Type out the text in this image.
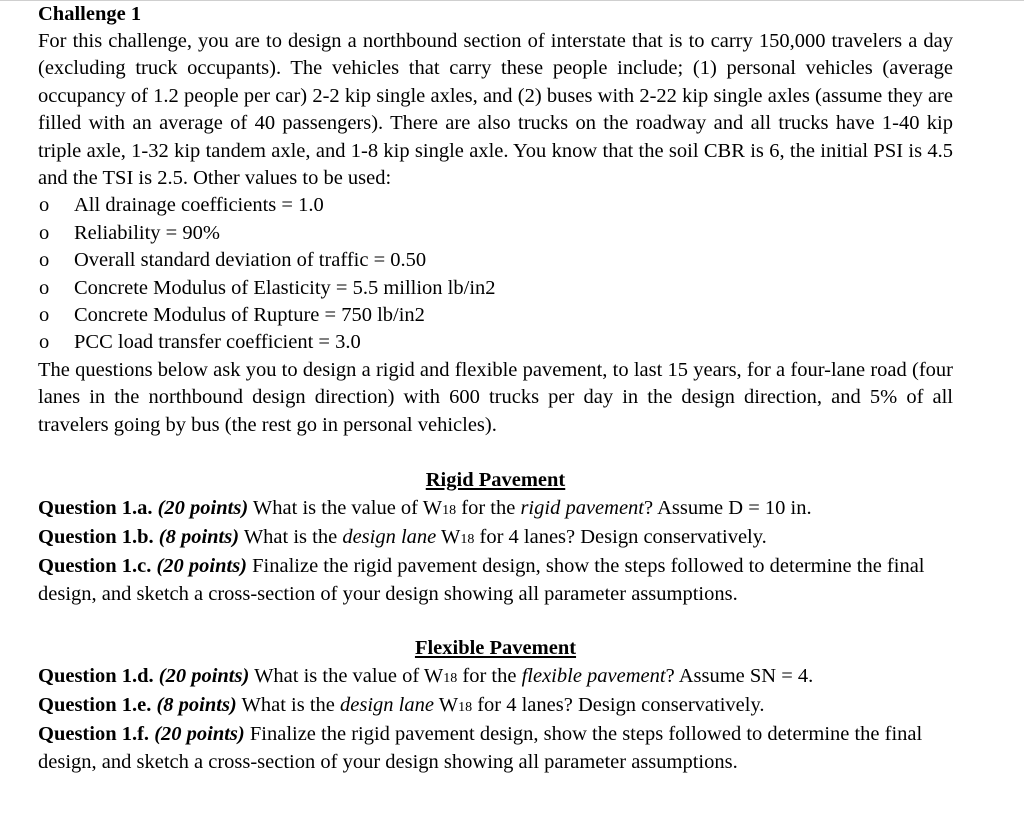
Challenge 1

For this challenge, you are to design a northbound section of interstate that is to carry 150,000 travelers a day (excluding truck occupants). The vehicles that carry these people include; (1) personal vehicles (average occupancy of 1.2 people per car) 2-2 kip single axles, and (2) buses with 2-22 kip single axles (assume they are filled with an average of 40 passengers). There are also trucks on the roadway and all trucks have 1-40 kip triple axle, 1-32 kip tandem axle, and 1-8 kip single axle. You know that the soil CBR is 6, the initial PSI is 4.5 and the TSI is 2.5. Other values to be used:

o All drainage coefficients = 1.0
o Reliability = 90%
o Overall standard deviation of traffic = 0.50
o Concrete Modulus of Elasticity = 5.5 million lb/in2
o Concrete Modulus of Rupture = 750 lb/in2
o PCC load transfer coefficient = 3.0

The questions below ask you to design a rigid and flexible pavement, to last 15 years, for a four-lane road (four lanes in the northbound design direction) with 600 trucks per day in the design direction, and 5% of all travelers going by bus (the rest go in personal vehicles).

Rigid Pavement

Question 1.a. (20 points) What is the value of W18 for the rigid pavement? Assume D = 10 in.

Question 1.b. (8 points) What is the design lane W18 for 4 lanes? Design conservatively.

Question 1.c. (20 points) Finalize the rigid pavement design, show the steps followed to determine the final design, and sketch a cross-section of your design showing all parameter assumptions.

Flexible Pavement

Question 1.d. (20 points) What is the value of W18 for the flexible pavement? Assume SN = 4.

Question 1.e. (8 points) What is the design lane W18 for 4 lanes? Design conservatively.

Question 1.f. (20 points) Finalize the rigid pavement design, show the steps followed to determine the final design, and sketch a cross-section of your design showing all parameter assumptions.
